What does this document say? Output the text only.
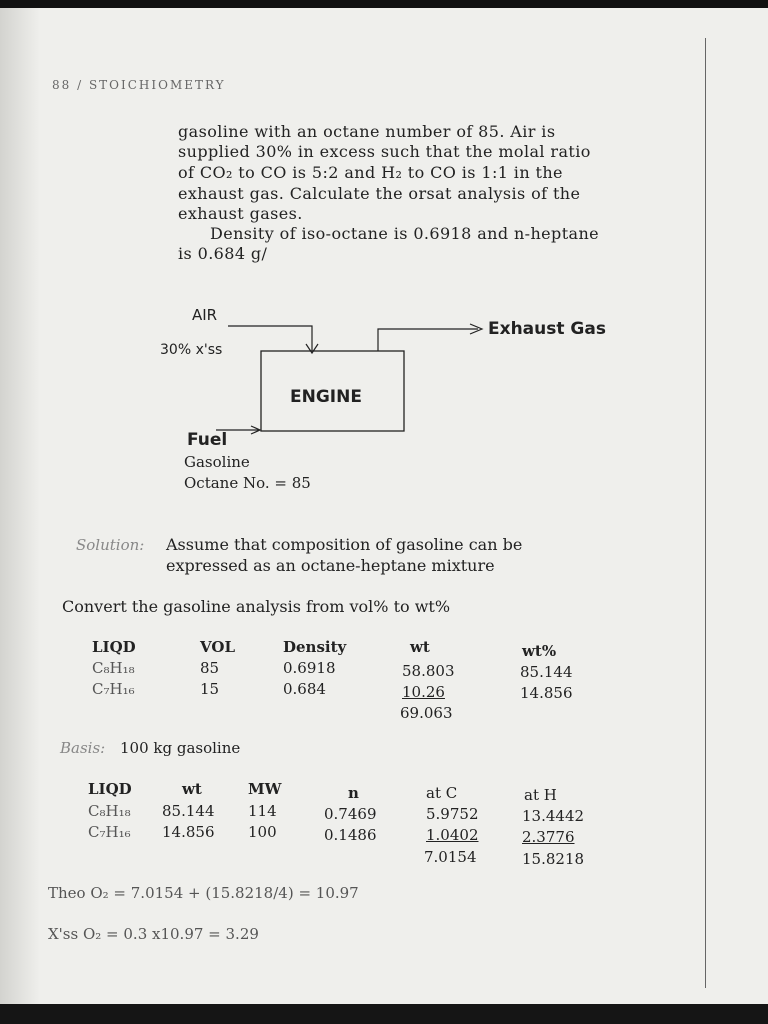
88 / STOICHIOMETRY
gasoline with an octane number of 85. Air is
supplied 30% in excess such that the molal ratio
of CO₂ to CO is 5:2 and H₂ to CO is 1:1 in the
exhaust gas. Calculate the orsat analysis of the
exhaust gases.
Density of iso-octane is 0.6918 and n-heptane
is 0.684 g/
AIR
30% x'ss
ENGINE
Exhaust Gas
Fuel
Gasoline
Octane No. = 85
Solution: Assume that composition of gasoline can be
expressed as an octane-heptane mixture
Convert the gasoline analysis from vol% to wt%
LIQD	VOL	Density	wt	wt%
C₈H₁₈	85	0.6918	58.803	85.144
C₇H₁₆	15	0.684	10.26	14.856
69.063
Basis: 100 kg gasoline
LIQD	wt	MW	n	at C	at H
C₈H₁₈ 85.144 114	0.7469	5.9752	13.4442
C₇H₁₆ 14.856 100	0.1486	1.0402	2.3776
7.0154	15.8218
Theo O₂ = 7.0154 + (15.8218/4) = 10.97
X'ss O₂ = 0.3 x10.97 = 3.29
